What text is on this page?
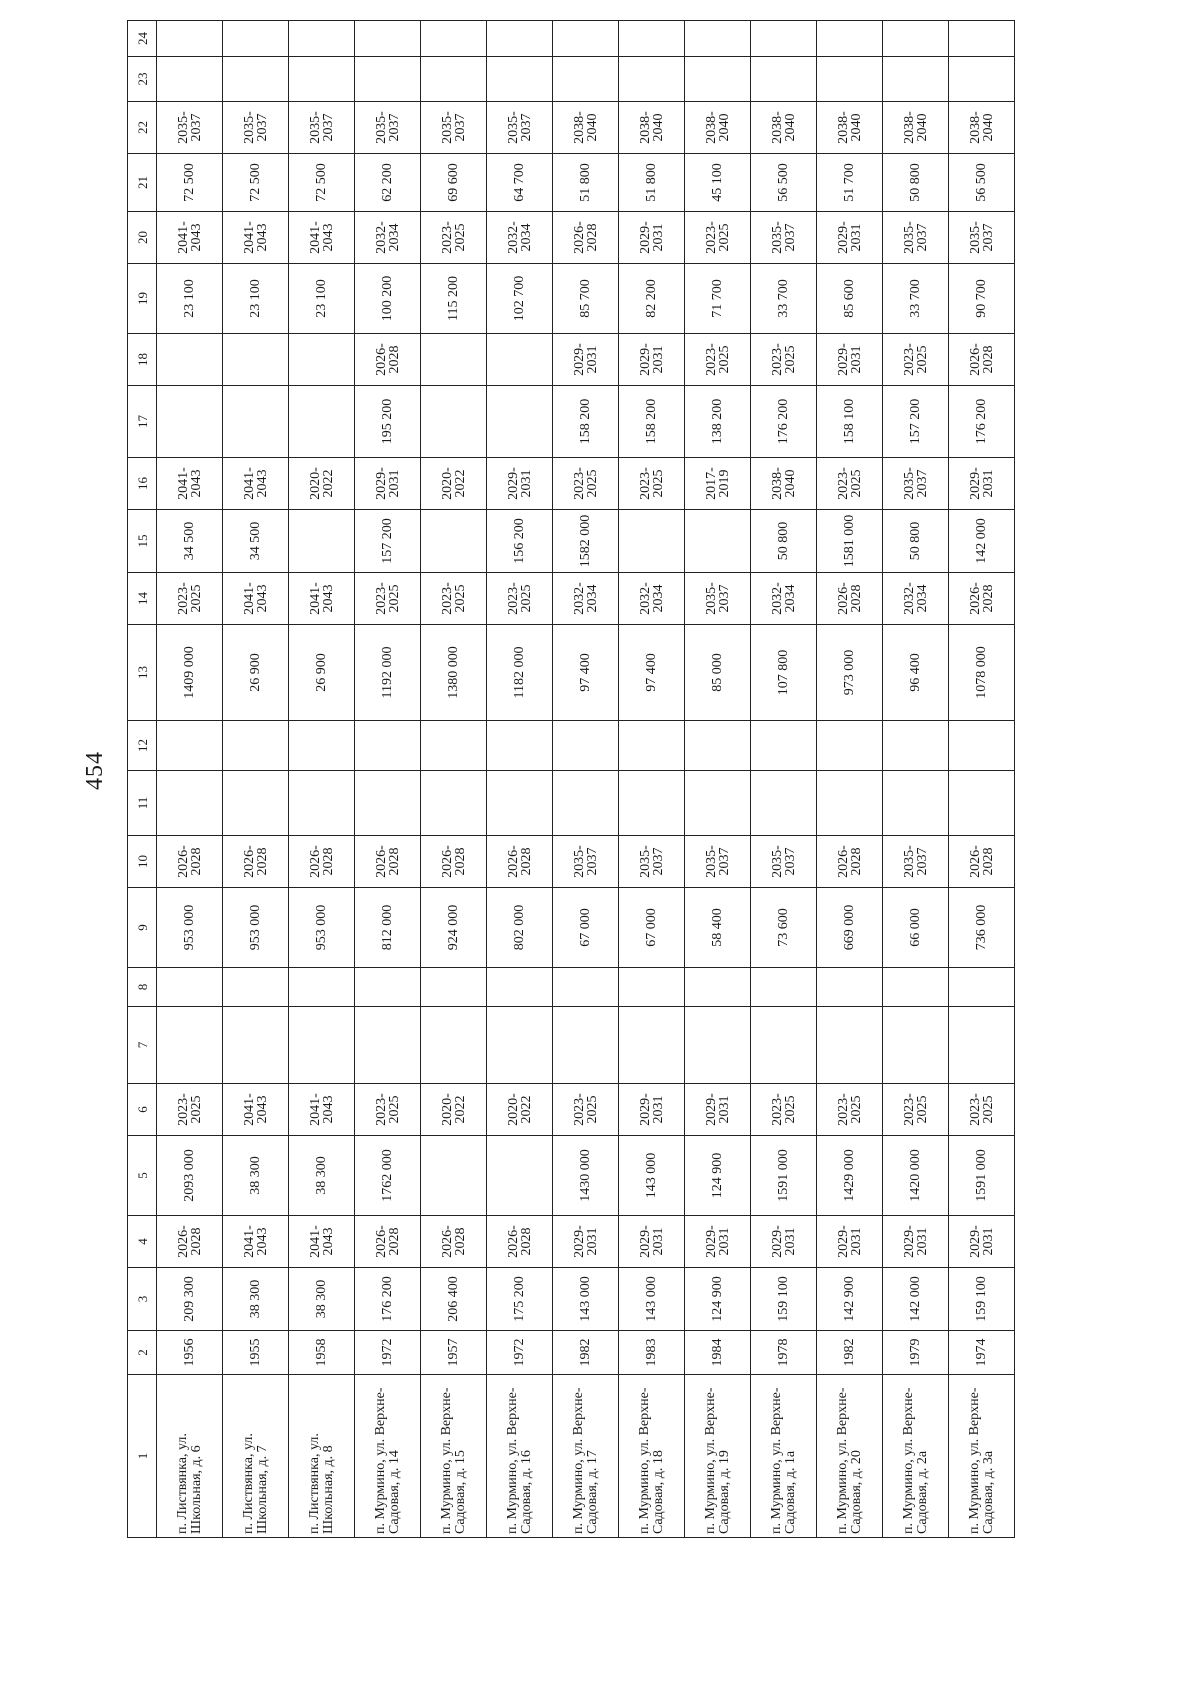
454
1	2	3	4	5	6	7	8	9	10	11	12	13	14	15	16	17	18	19	20	21	22	23	24
п. Листвянка, ул. Школьная, д. 6	1956	209 300	2026-2028	2093 000	2023-2025			953 000	2026-2028			1409 000	2023-2025	34 500	2041-2043			23 100	2041-2043	72 500	2035-2037		
п. Листвянка, ул. Школьная, д. 7	1955	38 300	2041-2043	38 300	2041-2043			953 000	2026-2028			26 900	2041-2043	34 500	2041-2043			23 100	2041-2043	72 500	2035-2037		
п. Листвянка, ул. Школьная, д. 8	1958	38 300	2041-2043	38 300	2041-2043			953 000	2026-2028			26 900	2041-2043		2020-2022			23 100	2041-2043	72 500	2035-2037		
п. Мурмино, ул. Верхне-Садовая, д. 14	1972	176 200	2026-2028	1762 000	2023-2025			812 000	2026-2028			1192 000	2023-2025	157 200	2029-2031	195 200	2026-2028	100 200	2032-2034	62 200	2035-2037		
п. Мурмино, ул. Верхне-Садовая, д. 15	1957	206 400	2026-2028		2020-2022			924 000	2026-2028			1380 000	2023-2025		2020-2022			115 200	2023-2025	69 600	2035-2037		
п. Мурмино, ул. Верхне-Садовая, д. 16	1972	175 200	2026-2028		2020-2022			802 000	2026-2028			1182 000	2023-2025	156 200	2029-2031			102 700	2032-2034	64 700	2035-2037		
п. Мурмино, ул. Верхне-Садовая, д. 17	1982	143 000	2029-2031	1430 000	2023-2025			67 000	2035-2037			97 400	2032-2034	1582 000	2023-2025	158 200	2029-2031	85 700	2026-2028	51 800	2038-2040		
п. Мурмино, ул. Верхне-Садовая, д. 18	1983	143 000	2029-2031	143 000	2029-2031			67 000	2035-2037			97 400	2032-2034		2023-2025	158 200	2029-2031	82 200	2029-2031	51 800	2038-2040		
п. Мурмино, ул. Верхне-Садовая, д. 19	1984	124 900	2029-2031	124 900	2029-2031			58 400	2035-2037			85 000	2035-2037		2017-2019	138 200	2023-2025	71 700	2023-2025	45 100	2038-2040		
п. Мурмино, ул. Верхне-Садовая, д. 1а	1978	159 100	2029-2031	1591 000	2023-2025			73 600	2035-2037			107 800	2032-2034	50 800	2038-2040	176 200	2023-2025	33 700	2035-2037	56 500	2038-2040		
п. Мурмино, ул. Верхне-Садовая, д. 20	1982	142 900	2029-2031	1429 000	2023-2025			669 000	2026-2028			973 000	2026-2028	1581 000	2023-2025	158 100	2029-2031	85 600	2029-2031	51 700	2038-2040		
п. Мурмино, ул. Верхне-Садовая, д. 2а	1979	142 000	2029-2031	1420 000	2023-2025			66 000	2035-2037			96 400	2032-2034	50 800	2035-2037	157 200	2023-2025	33 700	2035-2037	50 800	2038-2040		
п. Мурмино, ул. Верхне-Садовая, д. 3а	1974	159 100	2029-2031	1591 000	2023-2025			736 000	2026-2028			1078 000	2026-2028	142 000	2029-2031	176 200	2026-2028	90 700	2035-2037	56 500	2038-2040		
